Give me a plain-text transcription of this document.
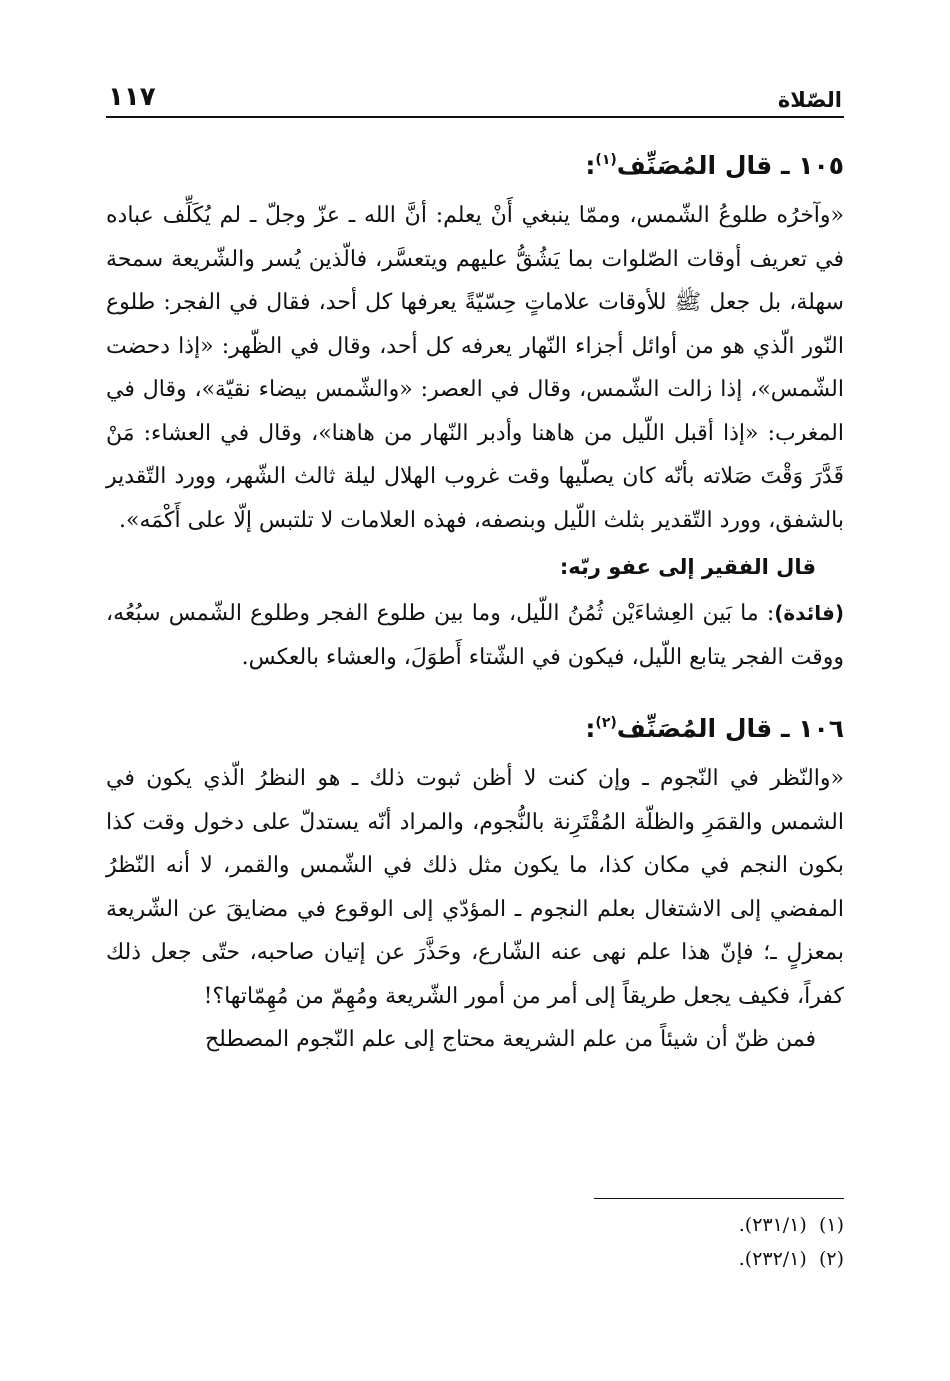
الصّلاة
١١٧
١٠٥ ـ قال المُصَنِّف$^{(١)}$:

«وآخرُه طلوعُ الشّمس، وممّا ينبغي أَنْ يعلم: أنَّ الله ـ عزّ وجلّ ـ لم يُكَلِّف عباده في تعريف أوقات الصّلوات بما يَشُقُّ عليهم ويتعسَّر، فالّذين يُسر والشّريعة سمحة سهلة، بل جعل ﷺ للأوقات علاماتٍ حِسّيّةً يعرفها كل أحد، فقال في الفجر: طلوع النّور الّذي هو من أوائل أجزاء النّهار يعرفه كل أحد، وقال في الظّهر: «إذا دحضت الشّمس»، إذا زالت الشّمس، وقال في العصر: «والشّمس بيضاء نقيّة»، وقال في المغرب: «إذا أقبل اللّيل من هاهنا وأدبر النّهار من هاهنا»، وقال في العشاء: مَنْ قَدَّرَ وَقْتَ صَلاته بأنّه كان يصلّيها وقت غروب الهلال ليلة ثالث الشّهر، وورد التّقدير بالشفق، وورد التّقدير بثلث اللّيل وبنصفه، فهذه العلامات لا تلتبس إلّا على أَكْمَه».

قال الفقير إلى عفو ربّه:

(فائدة): ما بَين العِشاءَيْن ثُمُنُ اللّيل، وما بين طلوع الفجر وطلوع الشّمس سبُعُه، ووقت الفجر يتابع اللّيل، فيكون في الشّتاء أَطوَلَ، والعشاء بالعكس.

١٠٦ ـ قال المُصَنِّف$^{(٢)}$:

«والنّظر في النّجوم ـ وإن كنت لا أظن ثبوت ذلك ـ هو النظرُ الّذي يكون في الشمس والقمَرِ والظلّة المُقْتَرِنة بالنُّجوم، والمراد أنّه يستدلّ على دخول وقت كذا بكون النجم في مكان كذا، ما يكون مثل ذلك في الشّمس والقمر، لا أنه النّظرُ المفضي إلى الاشتغال بعلم النجوم ـ المؤدّي إلى الوقوع في مضايقَ عن الشّريعة بمعزلٍ ـ؛ فإنّ هذا علم نهى عنه الشّارع، وحَذَّرَ عن إتيان صاحبه، حتّى جعل ذلك كفراً، فكيف يجعل طريقاً إلى أمر من أمور الشّريعة ومُهِمّ من مُهِمّاتها؟!

فمن ظنّ أن شيئاً من علم الشريعة محتاج إلى علم النّجوم المصطلح

(١)  (٢٣١/١).
(٢)  (٢٣٢/١).
